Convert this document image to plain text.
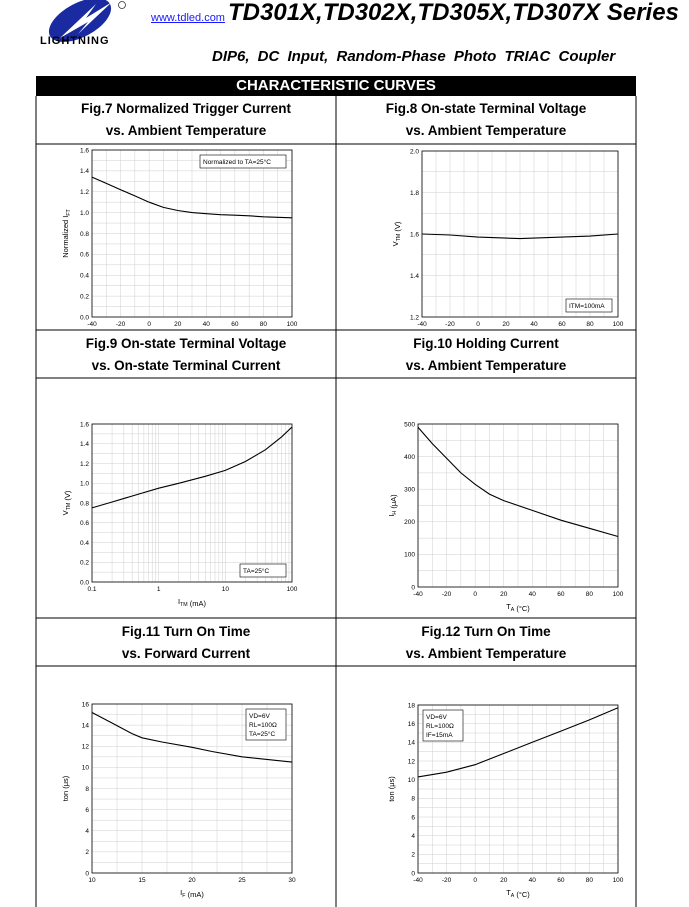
LIGHTNING
www.tdled.com TD301X,TD302X,TD305X,TD307X Series
DIP6, DC Input, Random-Phase Photo TRIAC Coupler
CHARACTERISTIC CURVES
Fig.7 Normalized Trigger Current
vs. Ambient Temperature
Fig.8 On-state Terminal Voltage
vs. Ambient Temperature
Fig.9 On-state Terminal Voltage
vs. On-state Terminal Current
Fig.10 Holding Current
vs. Ambient Temperature
Fig.11 Turn On Time
vs. Forward Current
Fig.12 Turn On Time
vs. Ambient Temperature
-40	-20	0	20	40	60	80	100
0.0
0.2
0.4
0.6
0.8
1.0
1.2
1.4
1.6
Normalized $I_{FT}$
Normalized to TA=25°C
-40	-20	0	20	40	60	80	100
1.2
1.4
1.6
1.8
2.0
$V_{TM}$ (V)
ITM=100mA
0.1	1	10	100
0.0
0.2
0.4
0.6
0.8
1.0
1.2
1.4
1.6
$I_{TM}$ (mA)
$V_{TM}$ (V)
TA=25°C
-40	-20	0	20	40	60	80	100
0
100
200
300
400
500
$T_A$ (°C)
$I_H$ (μA)
10	15	20	25	30
0
2
4
6
8
10
12
14
16
$I_F$ (mA)
ton (μs)
VD=6V
RL=100Ω
TA=25°C
-40	-20	0	20	40	60	80	100
0
2
4
6
8
10
12
14
16
18
$T_A$ (°C)
ton (μs)
VD=6V
RL=100Ω
IF=15mA
